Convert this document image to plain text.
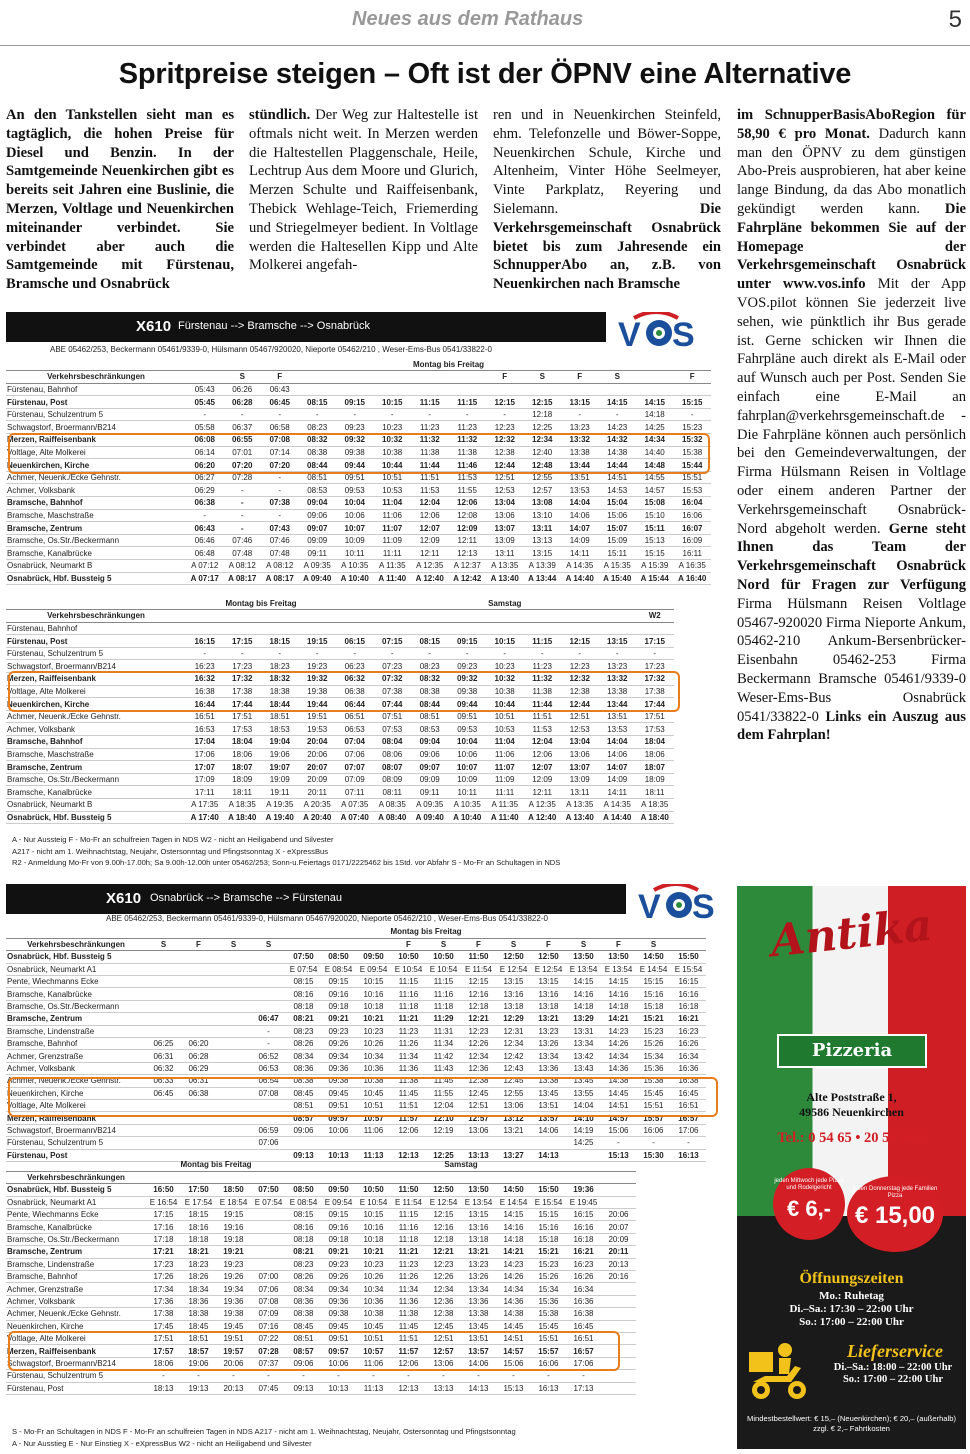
Neues aus dem Rathaus	5
Spritpreise steigen – Oft ist der ÖPNV eine Alternative
An den Tankstellen sieht man es tagtäglich, die hohen Preise für Diesel und Benzin. In der Samtgemeinde Neuenkirchen gibt es bereits seit Jahren eine Buslinie, die Merzen, Voltlage und Neuenkirchen miteinander verbindet. Sie verbindet aber auch die Samtgemeinde mit Fürstenau, Bramsche und Osnabrück
stündlich. Der Weg zur Haltestelle ist oftmals nicht weit. In Merzen werden die Haltestellen Plaggenschale, Heile, Lechtrup Aus dem Moore und Glurich, Merzen Schulte und Raiffeisenbank, Thebick Wehlage-Teich, Friemerding und Striegelmeyer bedient. In Voltlage werden die Haltesellen Kipp und Alte Molkerei angefah-
ren und in Neuenkirchen Steinfeld, ehm. Telefonzelle und Böwer-Soppe, Neuenkirchen Schule, Kirche und Altenheim, Vinter Höhe Seelmeyer, Vinte Parkplatz, Reyering und Sielemann. Die Verkehrsgemeinschaft Osnabrück bietet bis zum Jahresende ein SchnupperAbo an, z.B. von Neuenkirchen nach Bramsche
im SchnupperBasisAboRegion für 58,90 € pro Monat. Dadurch kann man den ÖPNV zu dem günstigen Abo-Preis ausprobieren, hat aber keine lange Bindung, da das Abo monatlich gekündigt werden kann. Die Fahrpläne bekommen Sie auf der Homepage der Verkehrsgemeinschaft Osnabrück unter www.vos.info Mit der App VOS.pilot können Sie jederzeit live sehen, wie pünktlich ihr Bus gerade ist. Gerne schicken wir Ihnen die Fahrpläne auch direkt als E-Mail oder auf Wunsch auch per Post. Senden Sie einfach eine E-Mail an fahrplan@verkehrsgemeinschaft.de - Die Fahrpläne können auch persönlich bei den Gemeindeverwaltungen, der Firma Hülsmann Reisen in Voltlage oder einem anderen Partner der Verkehrsgemeinschaft Osnabrück-Nord abgeholt werden. Gerne steht Ihnen das Team der Verkehrsgemeinschaft Osnabrück Nord für Fragen zur Verfügung Firma Hülsmann Reisen Voltlage 05467-920020 Firma Nieporte Ankum, 05462-210 Ankum-Bersenbrücker-Eisenbahn 05462-253 Firma Beckermann Bramsche 05461/9339-0 Weser-Ems-Bus Osnabrück 0541/33822-0 Links ein Auszug aus dem Fahrplan!
X610 Fürstenau --> Bramsche --> Osnabrück	V S
ABE 05462/253, Beckermann 05461/9339-0, Hülsmann 05467/920020, Nieporte 05462/210 , Weser-Ems-Bus 0541/33822-0
	Montag bis Freitag													
Verkehrsbeschränkungen		S	F						F	S	F	S		F
Fürstenau, Bahnhof	05:43	06:26	06:43											
Fürstenau, Post	05:45	06:28	06:45	08:15	09:15	10:15	11:15	11:15	12:15	12:15	13:15	14:15	14:15	15:15
Fürstenau, Schulzentrum 5	-	-	-	-	-	-	-	-	-	12:18	-	-	14:18	-
Schwagstorf, Broermann/B214	05:58	06:37	06:58	08:23	09:23	10:23	11:23	11:23	12:23	12:25	13:23	14:23	14:25	15:23
Merzen, Raiffeisenbank	06:08	06:55	07:08	08:32	09:32	10:32	11:32	11:32	12:32	12:34	13:32	14:32	14:34	15:32
Voltlage, Alte Molkerei	06:14	07:01	07:14	08:38	09:38	10:38	11:38	11:38	12:38	12:40	13:38	14:38	14:40	15:38
Neuenkirchen, Kirche	06:20	07:20	07:20	08:44	09:44	10:44	11:44	11:46	12:44	12:48	13:44	14:44	14:48	15:44
Achmer, Neuenk./Ecke Gehnstr.	06:27	07:28	-	08:51	09:51	10:51	11:51	11:53	12:51	12:55	13:51	14:51	14:55	15:51
Achmer, Volksbank	06:29	-	-	08:53	09:53	10:53	11:53	11:55	12:53	12:57	13:53	14:53	14:57	15:53
Bramsche, Bahnhof	06:38	-	07:38	09:04	10:04	11:04	12:04	12:06	13:04	13:08	14:04	15:04	15:08	16:04
Bramsche, Maschstraße	-	-	-	09:06	10:06	11:06	12:06	12:08	13:06	13:10	14:06	15:06	15:10	16:06
Bramsche, Zentrum	06:43	-	07:43	09:07	10:07	11:07	12:07	12:09	13:07	13:11	14:07	15:07	15:11	16:07
Bramsche, Os.Str./Beckermann	06:46	07:46	07:46	09:09	10:09	11:09	12:09	12:11	13:09	13:13	14:09	15:09	15:13	16:09
Bramsche, Kanalbrücke	06:48	07:48	07:48	09:11	10:11	11:11	12:11	12:13	13:11	13:15	14:11	15:11	15:15	16:11
Osnabrück, Neumarkt B	A 07:12	A 08:12	A 08:12	A 09:35	A 10:35	A 11:35	A 12:35	A 12:37	A 13:35	A 13:39	A 14:35	A 15:35	A 15:39	A 16:35
Osnabrück, Hbf. Bussteig 5	A 07:17	A 08:17	A 08:17	A 09:40	A 10:40	A 11:40	A 12:40	A 12:42	A 13:40	A 13:44	A 14:40	A 15:40	A 15:44	A 16:40
	Montag bis Freitag				Samstag								
Verkehrsbeschränkungen													W2
Fürstenau, Bahnhof													
Fürstenau, Post	16:15	17:15	18:15	19:15	06:15	07:15	08:15	09:15	10:15	11:15	12:15	13:15	17:15
Fürstenau, Schulzentrum 5	-	-	-	-	-	-	-	-	-	-	-	-	-
Schwagstorf, Broermann/B214	16:23	17:23	18:23	19:23	06:23	07:23	08:23	09:23	10:23	11:23	12:23	13:23	17:23
Merzen, Raiffeisenbank	16:32	17:32	18:32	19:32	06:32	07:32	08:32	09:32	10:32	11:32	12:32	13:32	17:32
Voltlage, Alte Molkerei	16:38	17:38	18:38	19:38	06:38	07:38	08:38	09:38	10:38	11:38	12:38	13:38	17:38
Neuenkirchen, Kirche	16:44	17:44	18:44	19:44	06:44	07:44	08:44	09:44	10:44	11:44	12:44	13:44	17:44
Achmer, Neuenk./Ecke Gehnstr.	16:51	17:51	18:51	19:51	06:51	07:51	08:51	09:51	10:51	11:51	12:51	13:51	17:51
Achmer, Volksbank	16:53	17:53	18:53	19:53	06:53	07:53	08:53	09:53	10:53	11:53	12:53	13:53	17:53
Bramsche, Bahnhof	17:04	18:04	19:04	20:04	07:04	08:04	09:04	10:04	11:04	12:04	13:04	14:04	18:04
Bramsche, Maschstraße	17:06	18:06	19:06	20:06	07:06	08:06	09:06	10:06	11:06	12:06	13:06	14:06	18:06
Bramsche, Zentrum	17:07	18:07	19:07	20:07	07:07	08:07	09:07	10:07	11:07	12:07	13:07	14:07	18:07
Bramsche, Os.Str./Beckermann	17:09	18:09	19:09	20:09	07:09	08:09	09:09	10:09	11:09	12:09	13:09	14:09	18:09
Bramsche, Kanalbrücke	17:11	18:11	19:11	20:11	07:11	08:11	09:11	10:11	11:11	12:11	13:11	14:11	18:11
Osnabrück, Neumarkt B	A 17:35	A 18:35	A 19:35	A 20:35	A 07:35	A 08:35	A 09:35	A 10:35	A 11:35	A 12:35	A 13:35	A 14:35	A 18:35
Osnabrück, Hbf. Bussteig 5	A 17:40	A 18:40	A 19:40	A 20:40	A 07:40	A 08:40	A 09:40	A 10:40	A 11:40	A 12:40	A 13:40	A 14:40	A 18:40
A - Nur Aussteig F - Mo-Fr an schulfreien Tagen in NDS W2 - nicht an Heiligabend und Silvester
A217 - nicht am 1. Weihnachtstag, Neujahr, Ostersonntag und Pfingstsonntag X - eXpressBus
R2 - Anmeldung Mo-Fr von 9.00h-17.00h; Sa 9.00h-12.00h unter 05462/253; Sonn-u.Feiertags 0171/2225462 bis 1Std. vor Abfahr S - Mo-Fr an Schultagen in NDS
X610 Osnabrück --> Bramsche --> Fürstenau	V S
ABE 05462/253, Beckermann 05461/9339-0, Hülsmann 05467/920020, Nieporte 05462/210 , Weser-Ems-Bus 0541/33822-0
	Montag bis Freitag															
Verkehrsbeschränkungen	S	F	S	S				F	S	F	S	F	S	F	S	
Osnabrück, Hbf. Bussteig 5					07:50	08:50	09:50	10:50	10:50	11:50	12:50	12:50	13:50	13:50	14:50	15:50
Osnabrück, Neumarkt A1					E 07:54	E 08:54	E 09:54	E 10:54	E 10:54	E 11:54	E 12:54	E 12:54	E 13:54	E 13:54	E 14:54	E 15:54
Pente, Wiechmanns Ecke					08:15	09:15	10:15	11:15	11:15	12:15	13:15	13:15	14:15	14:15	15:15	16:15
Bramsche, Kanalbrücke					08:16	09:16	10:16	11:16	11:16	12:16	13:16	13:16	14:16	14:16	15:16	16:16
Bramsche, Os.Str./Beckermann					08:18	09:18	10:18	11:18	11:18	12:18	13:18	13:18	14:18	14:18	15:18	16:18
Bramsche, Zentrum				06:47	08:21	09:21	10:21	11:21	11:29	12:21	12:29	13:21	13:29	14:21	15:21	16:21
Bramsche, Lindenstraße				-	08:23	09:23	10:23	11:23	11:31	12:23	12:31	13:23	13:31	14:23	15:23	16:23
Bramsche, Bahnhof	06:25	06:20		-	08:26	09:26	10:26	11:26	11:34	12:26	12:34	13:26	13:34	14:26	15:26	16:26
Achmer, Grenzstraße	06:31	06:28		06:52	08:34	09:34	10:34	11:34	11:42	12:34	12:42	13:34	13:42	14:34	15:34	16:34
Achmer, Volksbank	06:32	06:29		06:53	08:36	09:36	10:36	11:36	11:43	12:36	12:43	13:36	13:43	14:36	15:36	16:36
Achmer, Neuenk./Ecke Gehnstr.	06:33	06:31		06:54	08:38	09:38	10:38	11:38	11:45	12:38	12:45	13:38	13:45	14:38	15:38	16:38
Neuenkirchen, Kirche	06:45	06:38		07:08	08:45	09:45	10:45	11:45	11:55	12:45	12:55	13:45	13:55	14:45	15:45	16:45
Voltlage, Alte Molkerei					08:51	09:51	10:51	11:51	12:04	12:51	13:06	13:51	14:04	14:51	15:51	16:51
Merzen, Raiffeisenbank					08:57	09:57	10:57	11:57	12:10	12:57	13:12	13:57	14:10	14:57	15:57	16:57
Schwagstorf, Broermann/B214				06:59	09:06	10:06	11:06	12:06	12:19	13:06	13:21	14:06	14:19	15:06	16:06	17:06
Fürstenau, Schulzentrum 5				07:06									14:25	-	-	-
Fürstenau, Post					09:13	10:13	11:13	12:13	12:25	13:13	13:27	14:13		15:13	15:30	16:13
	Montag bis Freitag				Samstag									
Verkehrsbeschränkungen														
Osnabrück, Hbf. Bussteig 5	16:50	17:50	18:50	07:50	08:50	09:50	10:50	11:50	12:50	13:50	14:50	15:50	19:36	
Osnabrück, Neumarkt A1	E 16:54	E 17:54	E 18:54	E 07:54	E 08:54	E 09:54	E 10:54	E 11:54	E 12:54	E 13:54	E 14:54	E 15:54	E 19:45	
Pente, Wiechmanns Ecke	17:15	18:15	19:15		08:15	09:15	10:15	11:15	12:15	13:15	14:15	15:15	16:15	20:06
Bramsche, Kanalbrücke	17:16	18:16	19:16		08:16	09:16	10:16	11:16	12:16	13:16	14:16	15:16	16:16	20:07
Bramsche, Os.Str./Beckermann	17:18	18:18	19:18		08:18	09:18	10:18	11:18	12:18	13:18	14:18	15:18	16:18	20:09
Bramsche, Zentrum	17:21	18:21	19:21		08:21	09:21	10:21	11:21	12:21	13:21	14:21	15:21	16:21	20:11
Bramsche, Lindenstraße	17:23	18:23	19:23		08:23	09:23	10:23	11:23	12:23	13:23	14:23	15:23	16:23	20:13
Bramsche, Bahnhof	17:26	18:26	19:26	07:00	08:26	09:26	10:26	11:26	12:26	13:26	14:26	15:26	16:26	20:16
Achmer, Grenzstraße	17:34	18:34	19:34	07:06	08:34	09:34	10:34	11:34	12:34	13:34	14:34	15:34	16:34	
Achmer, Volksbank	17:36	18:36	19:36	07:08	08:36	09:36	10:36	11:36	12:36	13:36	14:36	15:36	16:36	
Achmer, Neuenk./Ecke Gehnstr.	17:38	18:38	19:38	07:09	08:38	09:38	10:38	11:38	12:38	13:38	14:38	15:38	16:38	
Neuenkirchen, Kirche	17:45	18:45	19:45	07:16	08:45	09:45	10:45	11:45	12:45	13:45	14:45	15:45	16:45	
Voltlage, Alte Molkerei	17:51	18:51	19:51	07:22	08:51	09:51	10:51	11:51	12:51	13:51	14:51	15:51	16:51	
Merzen, Raiffeisenbank	17:57	18:57	19:57	07:28	08:57	09:57	10:57	11:57	12:57	13:57	14:57	15:57	16:57	
Schwagstorf, Broermann/B214	18:06	19:06	20:06	07:37	09:06	10:06	11:06	12:06	13:06	14:06	15:06	16:06	17:06	
Fürstenau, Schulzentrum 5	-	-	-	-	-	-	-	-	-	-	-	-	-	
Fürstenau, Post	18:13	19:13	20:13	07:45	09:13	10:13	11:13	12:13	13:13	14:13	15:13	16:13	17:13	
S - Mo-Fr an Schultagen in NDS F - Mo-Fr an schulfreien Tagen in NDS A217 - nicht am 1. Weihnachtstag, Neujahr, Ostersonntag und Pfingstsonntag
A - Nur Ausstieg E - Nur Einstieg X - eXpressBus W2 - nicht an Heiligabend und Silvester
Antika
Pizzeria
Alte Poststraße 1,
49586 Neuenkirchen
Tel.: 0 54 65 • 20 54 66 6
jeden Mittwoch jede Pizza und Rodelgericht
€ 6,-
jeden Donnerstag jede Familien Pizza
€ 15,00
Öffnungszeiten
Mo.: Ruhetag
Di.–Sa.: 17:30 – 22:00 Uhr
So.: 17:00 – 22:00 Uhr
Lieferservice
Di.–Sa.: 18:00 – 22:00 Uhr
So.: 17:00 – 22:00 Uhr
Mindestbestellwert: € 15,– (Neuenkirchen); € 20,– (außerhalb)
zzgl. € 2,– Fahrtkosten
